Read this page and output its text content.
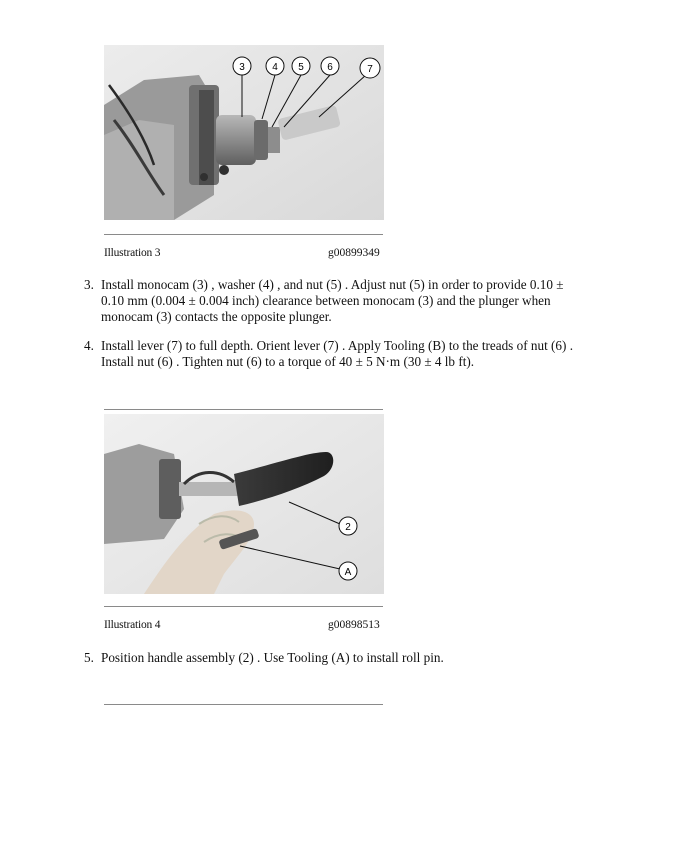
3	4 5 6	7
Illustration 3	g00899349
3. Install monocam (3) , washer (4) , and nut (5) . Adjust nut (5) in order to provide 0.10 ±
0.10 mm (0.004 ± 0.004 inch) clearance between monocam (3) and the plunger when
monocam (3) contacts the opposite plunger.
4. Install lever (7) to full depth. Orient lever (7) . Apply Tooling (B) to the treads of nut (6) .
Install nut (6) . Tighten nut (6) to a torque of 40 ± 5 N·m (30 ± 4 lb ft).
2
A
Illustration 4	g00898513
5. Position handle assembly (2) . Use Tooling (A) to install roll pin.
